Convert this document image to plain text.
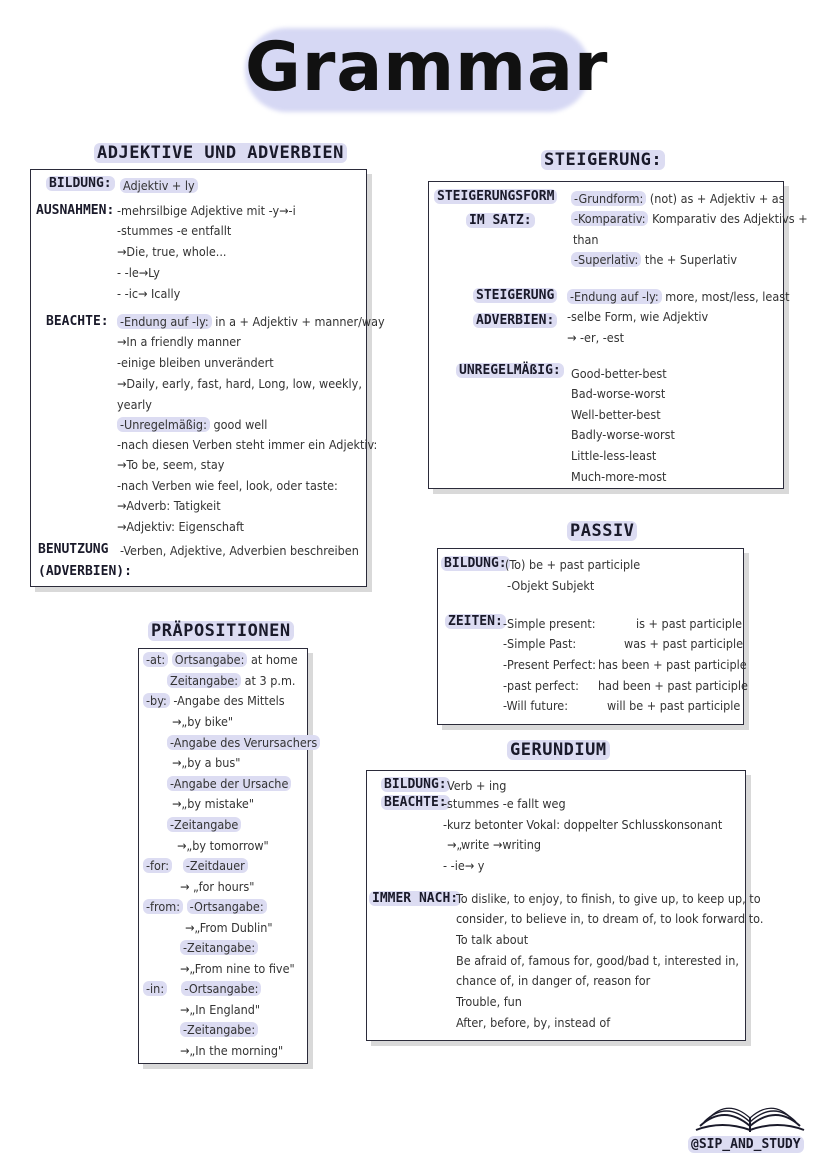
Grammar
ADJEKTIVE UND ADVERBIEN
BILDUNG: Adjektiv + ly
AUSNAHMEN: -mehrsilbige Adjektive mit -y→-i
-stummes -e entfallt
→Die, true, whole...
- -le→Ly
- -ic→ Ically
BEACHTE: -Endung auf -ly: in a + Adjektiv + manner/way
→In a friendly manner
-einige bleiben unverändert
→Daily, early, fast, hard, Long, low, weekly,
yearly
-Unregelmäßig: good well
-nach diesen Verben steht immer ein Adjektiv:
→To be, seem, stay
-nach Verben wie feel, look, oder taste:
→Adverb: Tatigkeit
→Adjektiv: Eigenschaft
BENUTZUNG
(ADVERBIEN):
-Verben, Adjektive, Adverbien beschreiben
STEIGERUNG:
STEIGERUNGSFORM
IM SATZ:
-Grundform: (not) as + Adjektiv + as
-Komparativ: Komparativ des Adjektivs +
than
-Superlativ: the + Superlativ
STEIGERUNG
ADVERBIEN:
-Endung auf -ly: more, most/less, least
-selbe Form, wie Adjektiv
→ -er, -est
UNREGELMÄßIG: Good-better-best
Bad-worse-worst
Well-better-best
Badly-worse-worst
Little-less-least
Much-more-most
PASSIV
BILDUNG:
(To) be + past participle
-Objekt Subjekt
ZEITEN: -Simple present:	is + past participle
-Simple Past:	was + past participle
-Present Perfect: has been + past participle
-past perfect: had been + past participle
-Will future:	will be + past participle
PRÄPOSITIONEN
-at: Ortsangabe: at home
Zeitangabe: at 3 p.m.
-by: -Angabe des Mittels
→„by bike"
-Angabe des Verursachers
→„by a bus"
-Angabe der Ursache
→„by mistake"
-Zeitangabe
→„by tomorrow"
-for: -Zeitdauer
→ „for hours"
-from: -Ortsangabe:
→„From Dublin"
-Zeitangabe:
→„From nine to five"
-in: -Ortsangabe:
→„In England"
-Zeitangabe:
→„In the morning"
GERUNDIUM
BILDUNG: Verb + ing
BEACHTE:
-stummes -e fallt weg
-kurz betonter Vokal: doppelter Schlusskonsonant
→„write →writing
- -ie→ y
IMMER NACH:
To dislike, to enjoy, to finish, to give up, to keep up, to
consider, to believe in, to dream of, to look forward to.
To talk about
Be afraid of, famous for, good/bad t, interested in,
chance of, in danger of, reason for
Trouble, fun
After, before, by, instead of
@SIP_AND_STUDY
